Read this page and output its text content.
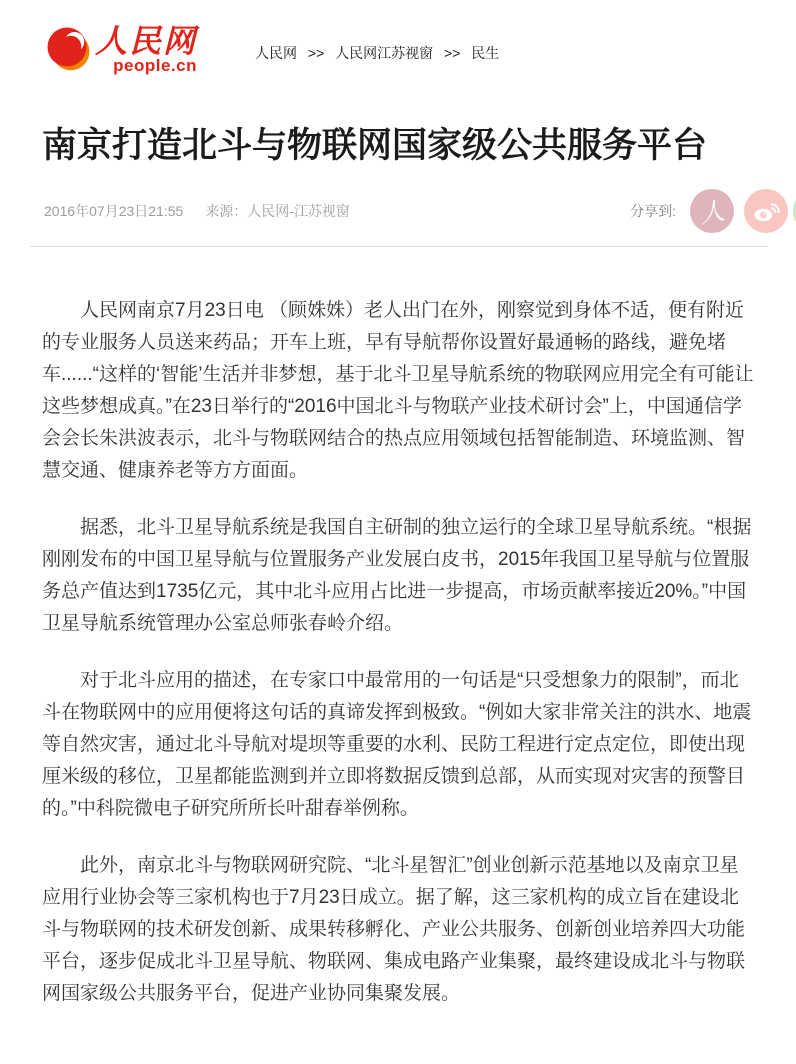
人民网
people.cn
人民网 >> 人民网江苏视窗 >> 民生
南京打造北斗与物联网国家级公共服务平台
2016年07月23日21:55 来源：人民网-江苏视窗	分享到: 人

人民网南京7月23日电 （顾姝姝）老人出门在外，刚察觉到身体不适，便有附近的专业服务人员送来药品；开车上班，早有导航帮你设置好最通畅的路线，避免堵车......“这样的‘智能’生活并非梦想，基于北斗卫星导航系统的物联网应用完全有可能让这些梦想成真。”在23日举行的“2016中国北斗与物联产业技术研讨会”上，中国通信学会会长朱洪波表示，北斗与物联网结合的热点应用领域包括智能制造、环境监测、智慧交通、健康养老等方方面面。

据悉，北斗卫星导航系统是我国自主研制的独立运行的全球卫星导航系统。“根据刚刚发布的中国卫星导航与位置服务产业发展白皮书，2015年我国卫星导航与位置服务总产值达到1735亿元，其中北斗应用占比进一步提高，市场贡献率接近20%。”中国卫星导航系统管理办公室总师张春岭介绍。

对于北斗应用的描述，在专家口中最常用的一句话是“只受想象力的限制”，而北斗在物联网中的应用便将这句话的真谛发挥到极致。“例如大家非常关注的洪水、地震等自然灾害，通过北斗导航对堤坝等重要的水利、民防工程进行定点定位，即使出现厘米级的移位，卫星都能监测到并立即将数据反馈到总部，从而实现对灾害的预警目的。”中科院微电子研究所所长叶甜春举例称。

此外，南京北斗与物联网研究院、“北斗星智汇”创业创新示范基地以及南京卫星应用行业协会等三家机构也于7月23日成立。据了解，这三家机构的成立旨在建设北斗与物联网的技术研发创新、成果转移孵化、产业公共服务、创新创业培养四大功能平台，逐步促成北斗卫星导航、物联网、集成电路产业集聚，最终建设成北斗与物联网国家级公共服务平台，促进产业协同集聚发展。
